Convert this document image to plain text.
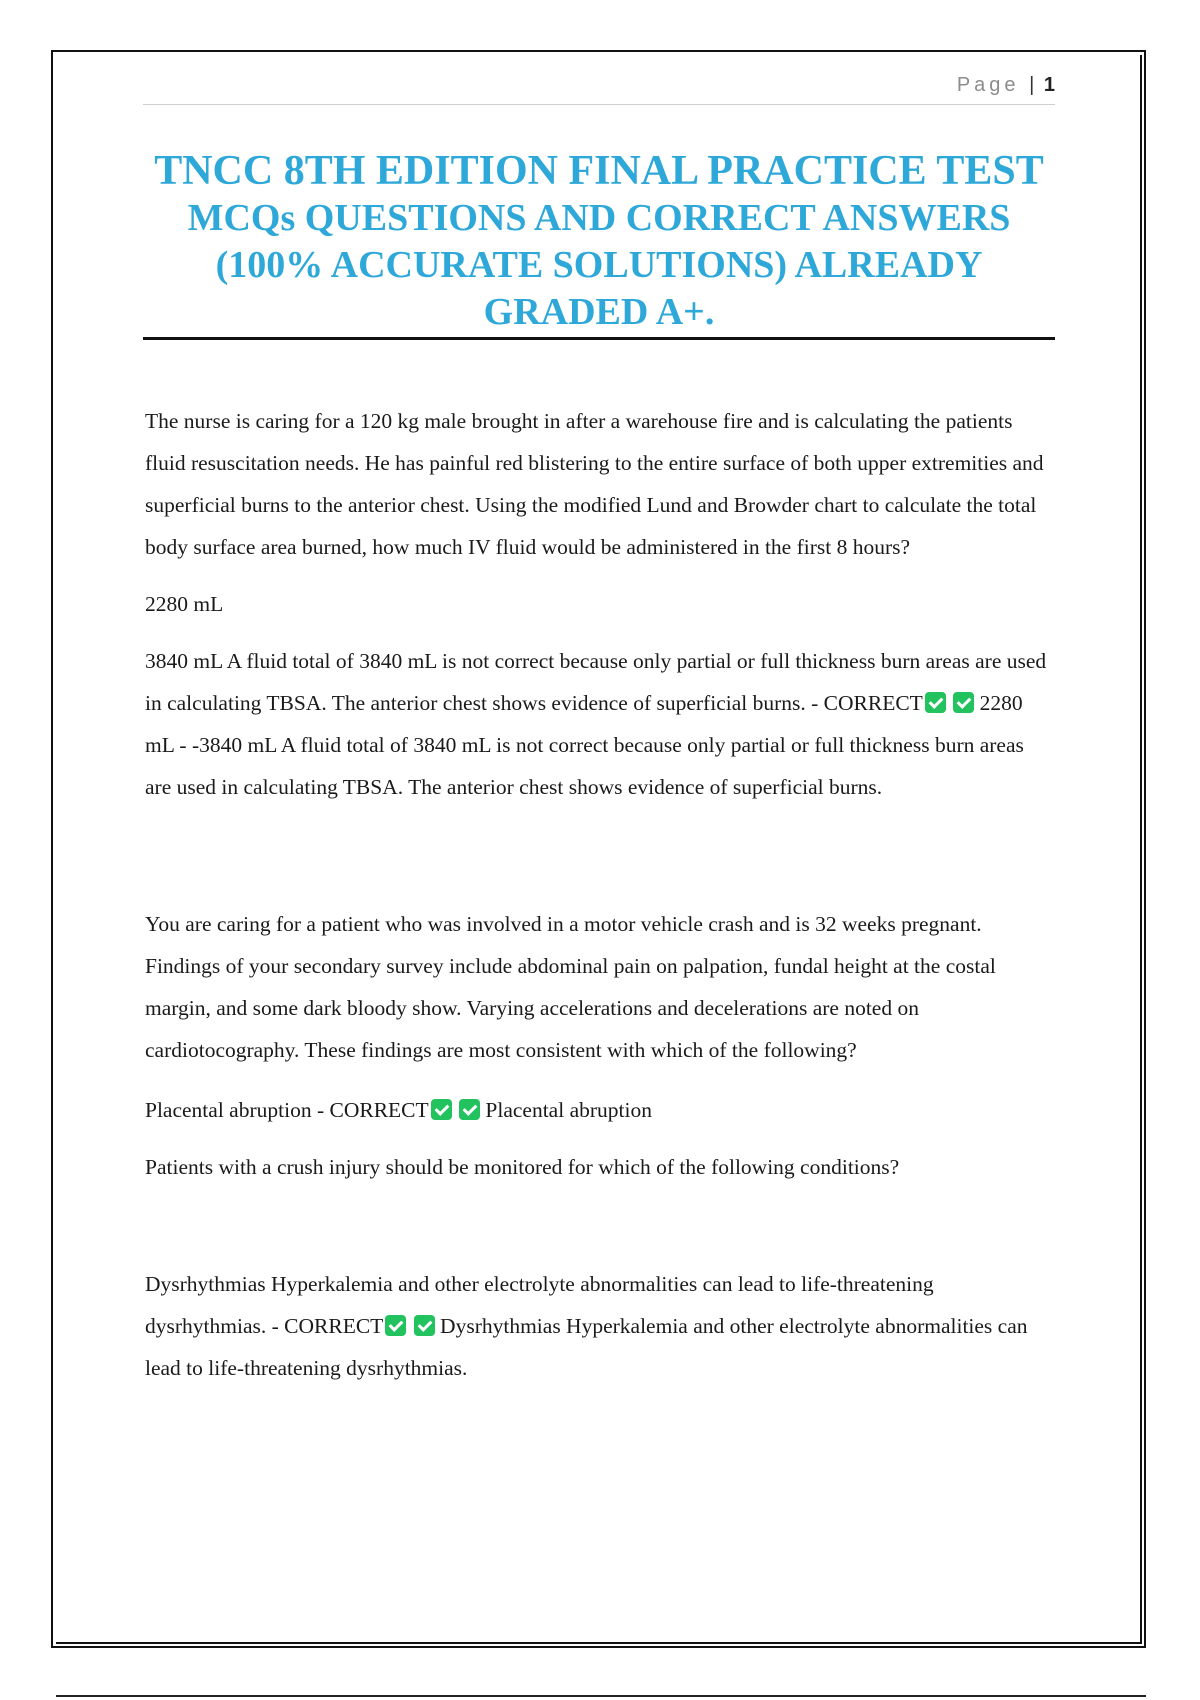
Page | 1
TNCC 8TH EDITION FINAL PRACTICE TEST
MCQs QUESTIONS AND CORRECT ANSWERS
(100% ACCURATE SOLUTIONS) ALREADY
GRADED A+.

The nurse is caring for a 120 kg male brought in after a warehouse fire and is calculating the patients fluid resuscitation needs. He has painful red blistering to the entire surface of both upper extremities and superficial burns to the anterior chest. Using the modified Lund and Browder chart to calculate the total body surface area burned, how much IV fluid would be administered in the first 8 hours?

2280 mL

3840 mL A fluid total of 3840 mL is not correct because only partial or full thickness burn areas are used in calculating TBSA. The anterior chest shows evidence of superficial burns. - CORRECT	2280 mL - -3840 mL A fluid total of 3840 mL is not correct because only partial or full thickness burn areas are used in calculating TBSA. The anterior chest shows evidence of superficial burns.

You are caring for a patient who was involved in a motor vehicle crash and is 32 weeks pregnant. Findings of your secondary survey include abdominal pain on palpation, fundal height at the costal margin, and some dark bloody show. Varying accelerations and decelerations are noted on cardiotocography. These findings are most consistent with which of the following?

Placental abruption - CORRECT	Placental abruption

Patients with a crush injury should be monitored for which of the following conditions?

Dysrhythmias Hyperkalemia and other electrolyte abnormalities can lead to life-threatening dysrhythmias. - CORRECT	Dysrhythmias Hyperkalemia and other electrolyte abnormalities can lead to life-threatening dysrhythmias.
